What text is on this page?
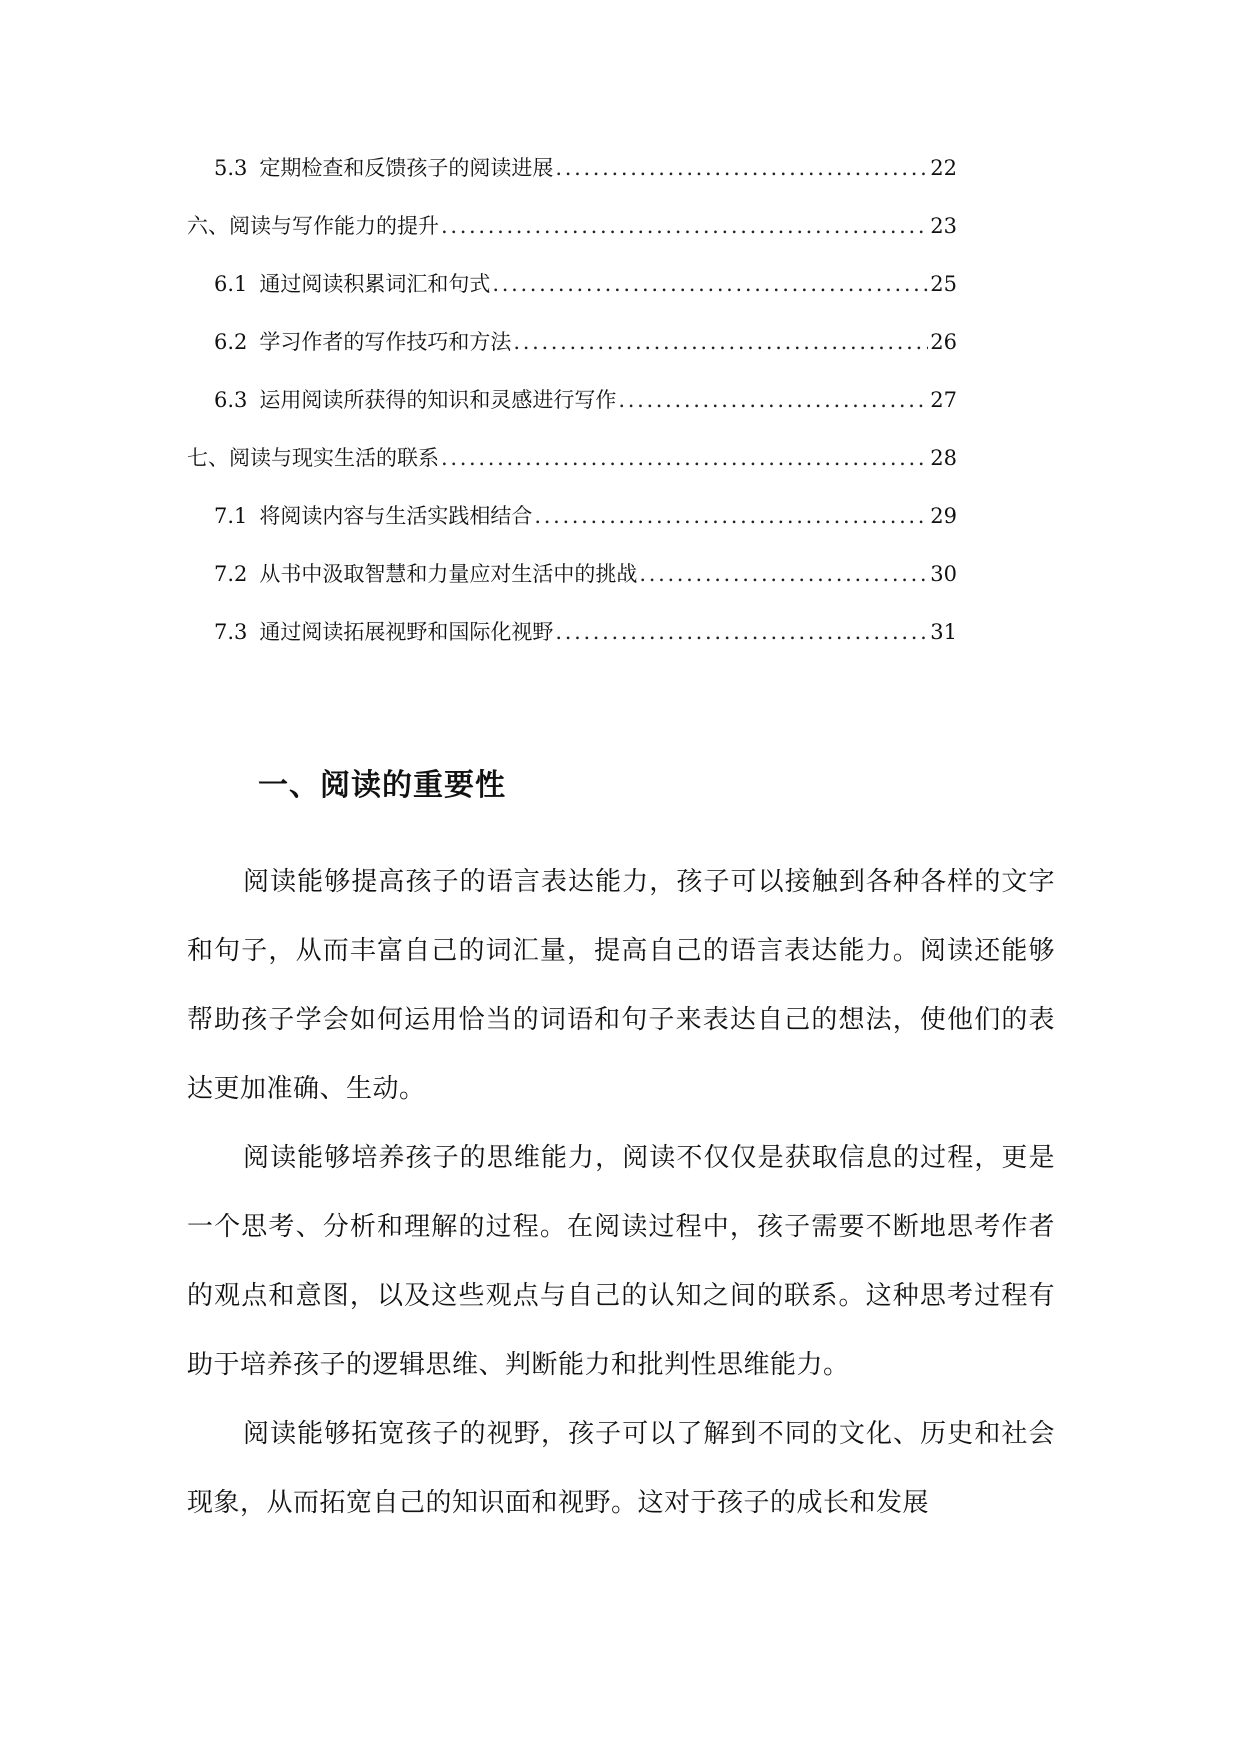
5.3 定期检查和反馈孩子的阅读进展 . . .	22
六、阅读与写作能力的提升 . . .	23
6.1 通过阅读积累词汇和句式 . . .	25
6.2 学习作者的写作技巧和方法 . . .	26
6.3 运用阅读所获得的知识和灵感进行写作 . . .	27
七、阅读与现实生活的联系 . . .	28
7.1 将阅读内容与生活实践相结合 . . .	29
7.2 从书中汲取智慧和力量应对生活中的挑战 . . .	30
7.3 通过阅读拓展视野和国际化视野 . . .	31
一、阅读的重要性

阅读能够提高孩子的语言表达能力，孩子可以接触到各种各样的文字和句子，从而丰富自己的词汇量，提高自己的语言表达能力。阅读还能够帮助孩子学会如何运用恰当的词语和句子来表达自己的想法，使他们的表达更加准确、生动。

阅读能够培养孩子的思维能力，阅读不仅仅是获取信息的过程，更是一个思考、分析和理解的过程。在阅读过程中，孩子需要不断地思考作者的观点和意图，以及这些观点与自己的认知之间的联系。这种思考过程有助于培养孩子的逻辑思维、判断能力和批判性思维能力。

阅读能够拓宽孩子的视野，孩子可以了解到不同的文化、历史和社会现象，从而拓宽自己的知识面和视野。这对于孩子的成长和发展
